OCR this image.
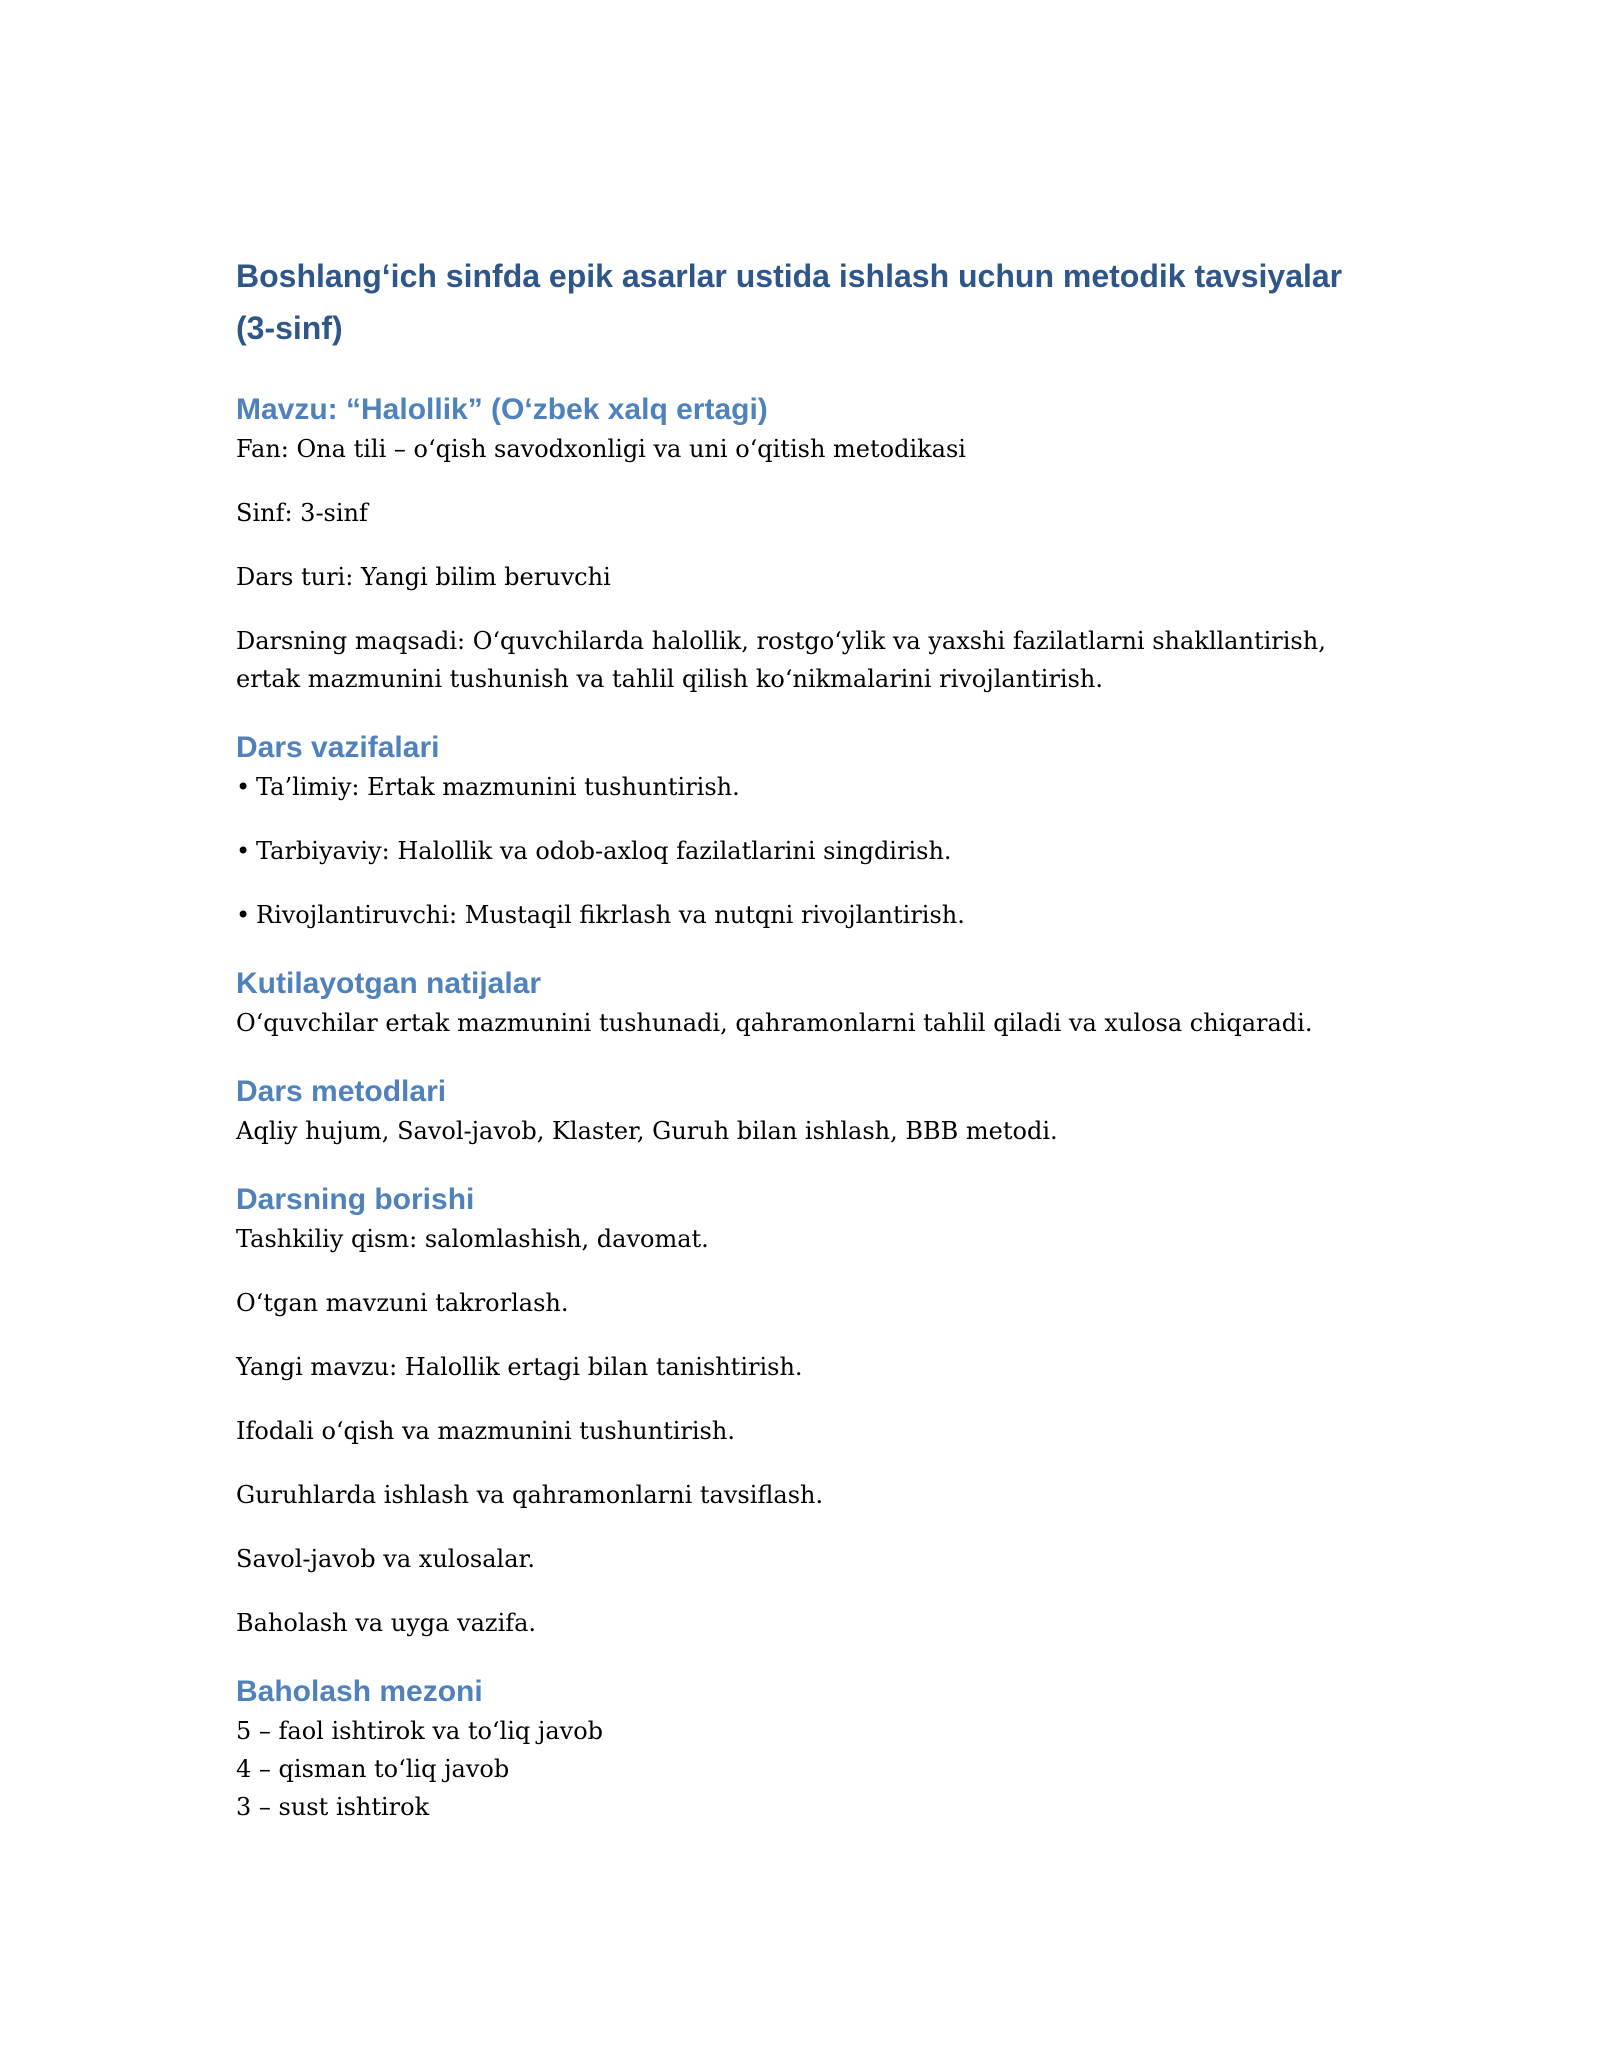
Boshlang‘ich sinfda epik asarlar ustida ishlash uchun metodik tavsiyalar (3-sinf)
Mavzu: “Halollik” (O‘zbek xalq ertagi)

Fan: Ona tili – o‘qish savodxonligi va uni o‘qitish metodikasi

Sinf: 3-sinf

Dars turi: Yangi bilim beruvchi

Darsning maqsadi: O‘quvchilarda halollik, rostgo‘ylik va yaxshi fazilatlarni shakllantirish, ertak mazmunini tushunish va tahlil qilish ko‘nikmalarini rivojlantirish.

Dars vazifalari

• Ta’limiy: Ertak mazmunini tushuntirish.

• Tarbiyaviy: Halollik va odob-axloq fazilatlarini singdirish.

• Rivojlantiruvchi: Mustaqil fikrlash va nutqni rivojlantirish.

Kutilayotgan natijalar

O‘quvchilar ertak mazmunini tushunadi, qahramonlarni tahlil qiladi va xulosa chiqaradi.

Dars metodlari

Aqliy hujum, Savol-javob, Klaster, Guruh bilan ishlash, BBB metodi.

Darsning borishi

Tashkiliy qism: salomlashish, davomat.

O‘tgan mavzuni takrorlash.

Yangi mavzu: Halollik ertagi bilan tanishtirish.

Ifodali o‘qish va mazmunini tushuntirish.

Guruhlarda ishlash va qahramonlarni tavsiflash.

Savol-javob va xulosalar.

Baholash va uyga vazifa.

Baholash mezoni

5 – faol ishtirok va to‘liq javob

4 – qisman to‘liq javob

3 – sust ishtirok
